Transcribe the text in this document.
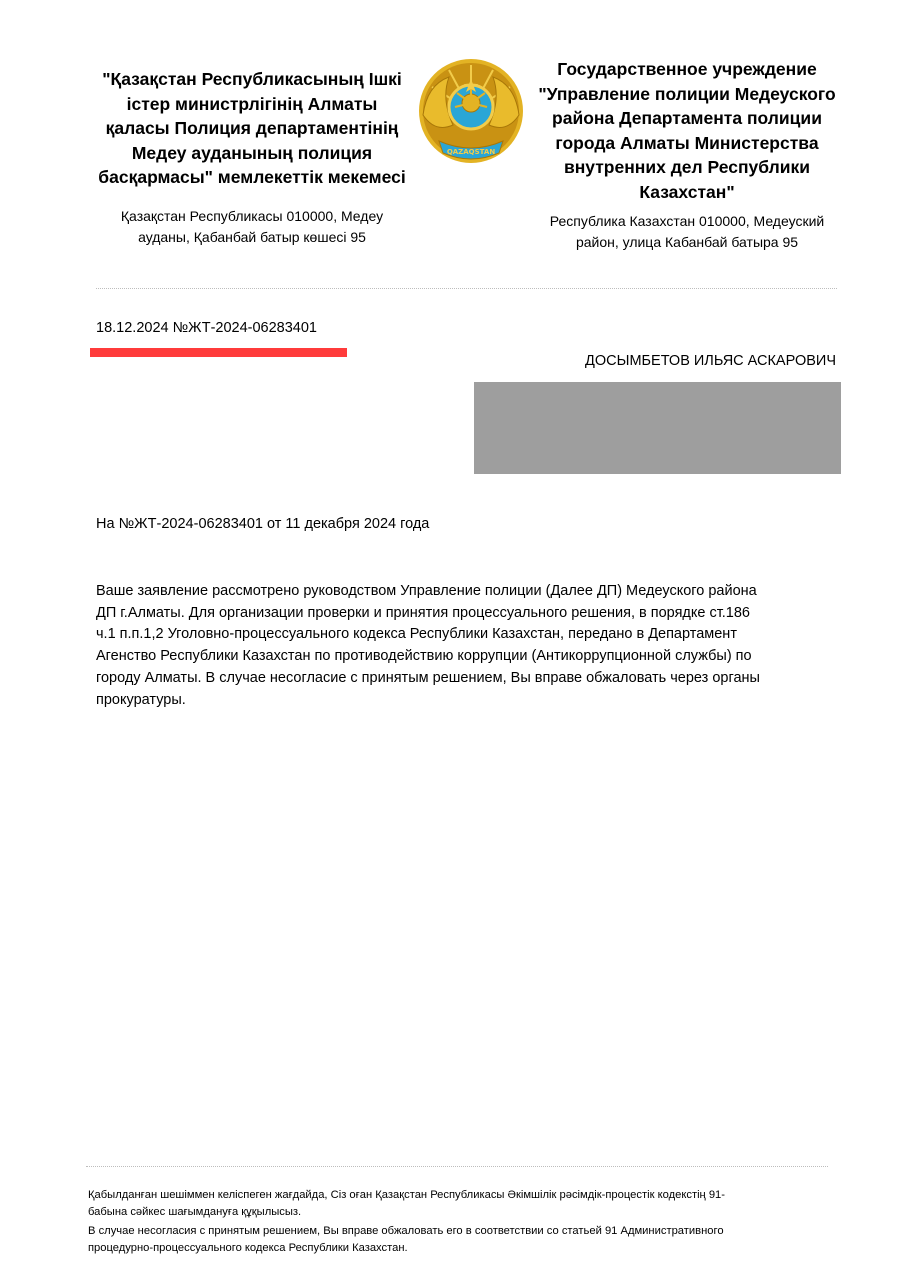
"Қазақстан Республикасының Ішкі
істер министрлігінің Алматы
қаласы Полиция департаментінің
Медеу ауданының полиция
басқармасы" мемлекеттік мекемесі
Қазақстан Республикасы 010000, Медеу
ауданы, Қабанбай батыр көшесі 95
QAZAQSTAN
Государственное учреждение
"Управление полиции Медеуского
района Департамента полиции
города Алматы Министерства
внутренних дел Республики
Казахстан"
Республика Казахстан 010000, Медеуский
район, улица Кабанбай батыра 95
18.12.2024 №ЖТ-2024-06283401
ДОСЫМБЕТОВ ИЛЬЯС АСКАРОВИЧ
На №ЖТ-2024-06283401 от 11 декабря 2024 года
Ваше заявление рассмотрено руководством Управление полиции (Далее ДП) Медеуского района
ДП г.Алматы. Для организации проверки и принятия процессуального решения, в порядке ст.186
ч.1 п.п.1,2 Уголовно-процессуального кодекса Республики Казахстан, передано в Департамент
Агенство Республики Казахстан по противодействию коррупции (Антикоррупционной службы) по
городу Алматы. В случае несогласие с принятым решением, Вы вправе обжаловать через органы
прокуратуры.
Қабылданған шешіммен келіспеген жағдайда, Сіз оған Қазақстан Республикасы Әкімшілік рәсімдік-процестік кодекстің 91-
бабына сәйкес шағымдануға құқылысыз.
В случае несогласия с принятым решением, Вы вправе обжаловать его в соответствии со статьей 91 Административного
процедурно-процессуального кодекса Республики Казахстан.
